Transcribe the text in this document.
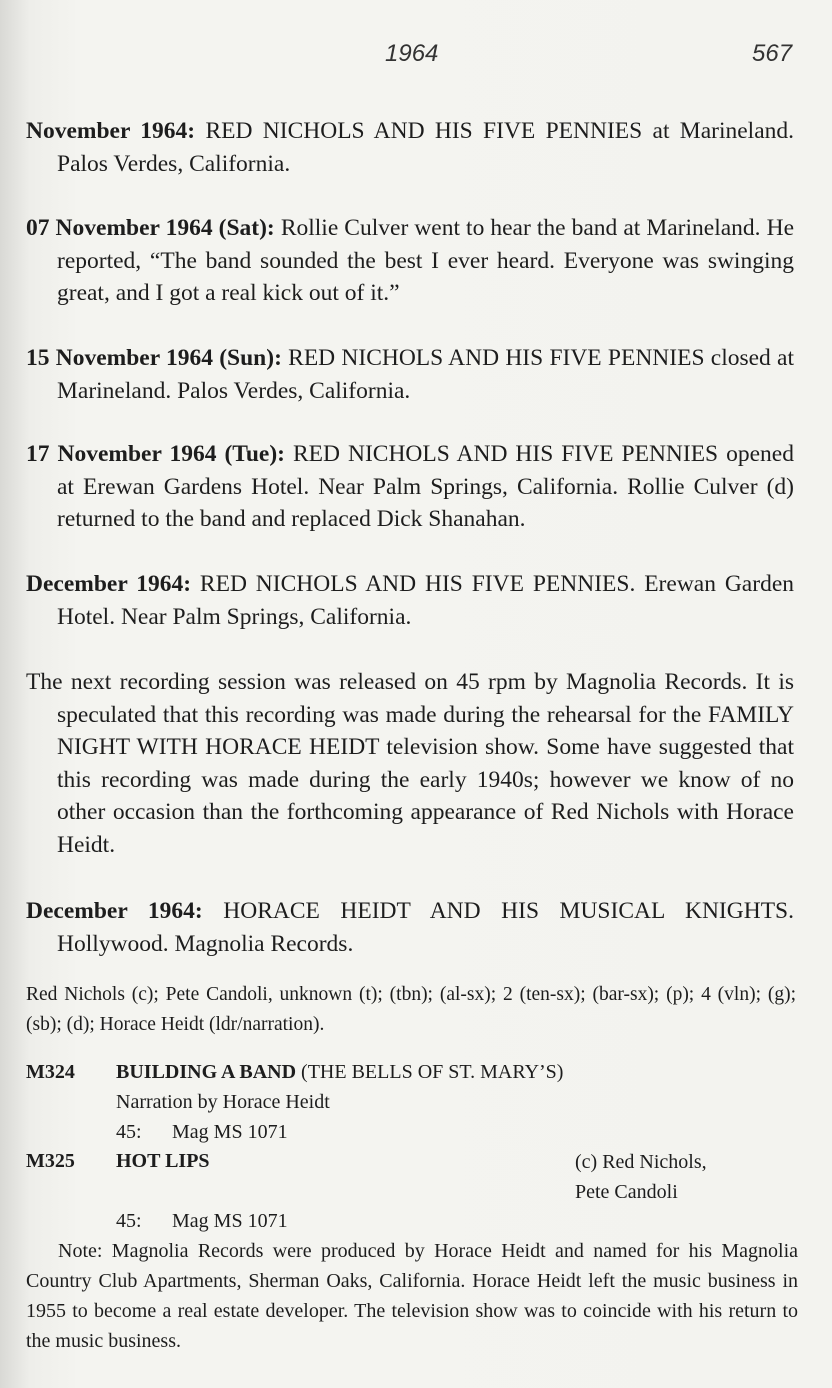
1964	567

November 1964: RED NICHOLS AND HIS FIVE PENNIES at Marineland. Palos Verdes, California.

07 November 1964 (Sat): Rollie Culver went to hear the band at Marineland. He reported, “The band sounded the best I ever heard. Everyone was swinging great, and I got a real kick out of it.”

15 November 1964 (Sun): RED NICHOLS AND HIS FIVE PENNIES closed at Marineland. Palos Verdes, California.

17 November 1964 (Tue): RED NICHOLS AND HIS FIVE PENNIES opened at Erewan Gardens Hotel. Near Palm Springs, California. Rollie Culver (d) returned to the band and replaced Dick Shanahan.

December 1964: RED NICHOLS AND HIS FIVE PENNIES. Erewan Garden Hotel. Near Palm Springs, California.

The next recording session was released on 45 rpm by Magnolia Records. It is speculated that this recording was made during the rehearsal for the FAMILY NIGHT WITH HORACE HEIDT television show. Some have suggested that this recording was made during the early 1940s; however we know of no other occasion than the forthcoming appearance of Red Nichols with Horace Heidt.

December 1964: HORACE HEIDT AND HIS MUSICAL KNIGHTS. Hollywood. Magnolia Records.

Red Nichols (c); Pete Candoli, unknown (t); (tbn); (al-sx); 2 (ten-sx); (bar-sx); (p); 4 (vln); (g); (sb); (d); Horace Heidt (ldr/narration).

M324 BUILDING A BAND (THE BELLS OF ST. MARY’S)
Narration by Horace Heidt
45: Mag MS 1071
M325 HOT LIPS	(c) Red Nichols,
Pete Candoli
45: Mag MS 1071

Note: Magnolia Records were produced by Horace Heidt and named for his Magnolia Country Club Apartments, Sherman Oaks, California. Horace Heidt left the music business in 1955 to become a real estate developer. The television show was to coincide with his return to the music business.
